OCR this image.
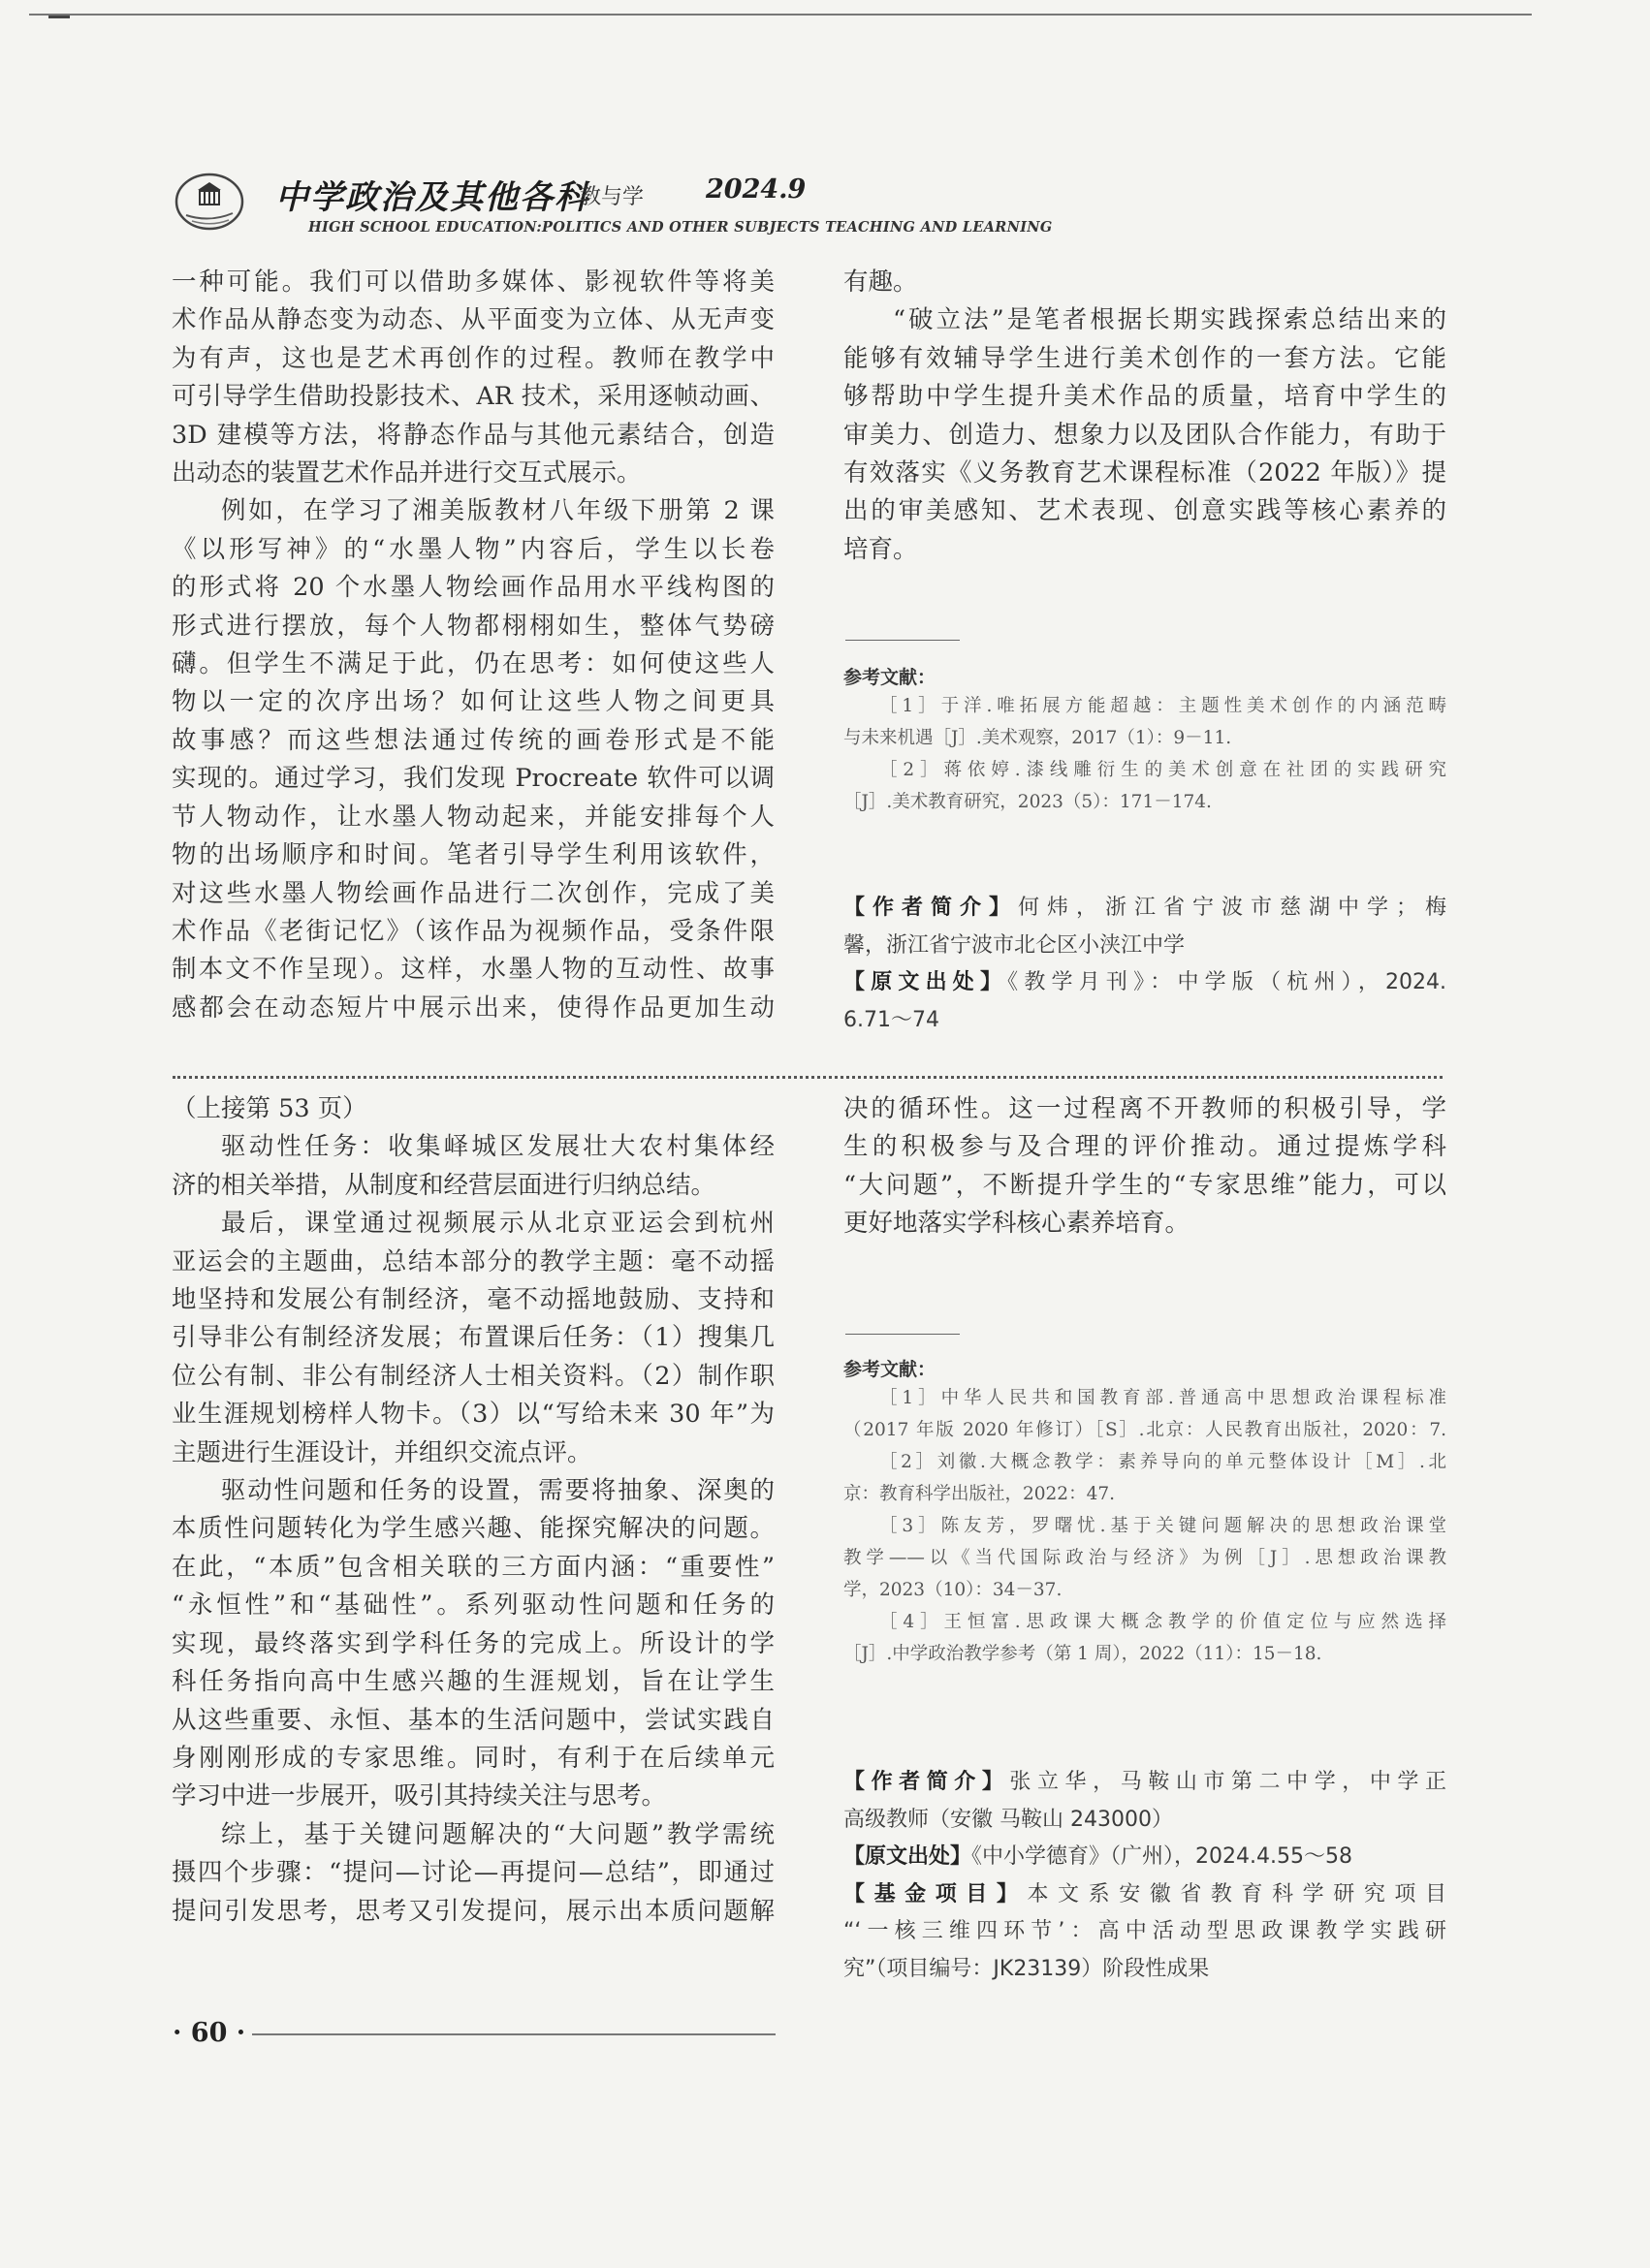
中学政治及其他各科
教与学 2024.9
HIGH SCHOOL EDUCATION:POLITICS AND OTHER SUBJECTS TEACHING AND LEARNING

一种可能。我们可以借助多媒体、影视软件等将美

术作品从静态变为动态、从平面变为立体、从无声变

为有声，这也是艺术再创作的过程。教师在教学中

可引导学生借助投影技术、AR 技术，采用逐帧动画、

3D 建模等方法，将静态作品与其他元素结合，创造

出动态的装置艺术作品并进行交互式展示。

例如，在学习了湘美版教材八年级下册第 2 课

《以形写神》的“水墨人物”内容后，学生以长卷

的形式将 20 个水墨人物绘画作品用水平线构图的

形式进行摆放，每个人物都栩栩如生，整体气势磅

礴。但学生不满足于此，仍在思考：如何使这些人

物以一定的次序出场？如何让这些人物之间更具

故事感？而这些想法通过传统的画卷形式是不能

实现的。通过学习，我们发现 Procreate 软件可以调

节人物动作，让水墨人物动起来，并能安排每个人

物的出场顺序和时间。笔者引导学生利用该软件，

对这些水墨人物绘画作品进行二次创作，完成了美

术作品《老街记忆》（该作品为视频作品，受条件限

制本文不作呈现）。这样，水墨人物的互动性、故事

感都会在动态短片中展示出来，使得作品更加生动

有趣。

“破立法”是笔者根据长期实践探索总结出来的

能够有效辅导学生进行美术创作的一套方法。它能

够帮助中学生提升美术作品的质量，培育中学生的

审美力、创造力、想象力以及团队合作能力，有助于

有效落实《义务教育艺术课程标准（2022 年版）》提

出的审美感知、艺术表现、创意实践等核心素养的

培育。

参考文献：

［1］于洋.唯拓展方能超越：主题性美术创作的内涵范畴

与未来机遇［J］.美术观察，2017（1）：9－11.

［2］蒋依婷.漆线雕衍生的美术创意在社团的实践研究

［J］.美术教育研究，2023（5）：171－174.

【作者简介】何炜，浙江省宁波市慈湖中学；梅

馨，浙江省宁波市北仑区小浃江中学

【原文出处】《教学月刊》：中学版（杭州），2024.

6.71～74

（上接第 53 页）

驱动性任务：收集峄城区发展壮大农村集体经

济的相关举措，从制度和经营层面进行归纳总结。

最后，课堂通过视频展示从北京亚运会到杭州

亚运会的主题曲，总结本部分的教学主题：毫不动摇

地坚持和发展公有制经济，毫不动摇地鼓励、支持和

引导非公有制经济发展；布置课后任务：（1）搜集几

位公有制、非公有制经济人士相关资料。（2）制作职

业生涯规划榜样人物卡。（3）以“写给未来 30 年”为

主题进行生涯设计，并组织交流点评。

驱动性问题和任务的设置，需要将抽象、深奥的

本质性问题转化为学生感兴趣、能探究解决的问题。

在此，“本质”包含相关联的三方面内涵：“重要性”

“永恒性”和“基础性”。系列驱动性问题和任务的

实现，最终落实到学科任务的完成上。所设计的学

科任务指向高中生感兴趣的生涯规划，旨在让学生

从这些重要、永恒、基本的生活问题中，尝试实践自

身刚刚形成的专家思维。同时，有利于在后续单元

学习中进一步展开，吸引其持续关注与思考。

综上，基于关键问题解决的“大问题”教学需统

摄四个步骤：“提问—讨论—再提问—总结”，即通过

提问引发思考，思考又引发提问，展示出本质问题解

决的循环性。这一过程离不开教师的积极引导，学

生的积极参与及合理的评价推动。通过提炼学科

“大问题”，不断提升学生的“专家思维”能力，可以

更好地落实学科核心素养培育。

参考文献：

［1］中华人民共和国教育部.普通高中思想政治课程标准

（2017 年版 2020 年修订）［S］.北京：人民教育出版社，2020：7.

［2］刘徽.大概念教学：素养导向的单元整体设计［M］.北

京：教育科学出版社，2022：47.

［3］陈友芳，罗曙忧.基于关键问题解决的思想政治课堂

教学——以《当代国际政治与经济》为例［J］.思想政治课教

学，2023（10）：34－37.

［4］王恒富.思政课大概念教学的价值定位与应然选择

［J］.中学政治教学参考（第 1 周），2022（11）：15－18.

【作者简介】张立华，马鞍山市第二中学，中学正

高级教师（安徽 马鞍山 243000）

【原文出处】《中小学德育》（广州），2024.4.55～58

【基金项目】本文系安徽省教育科学研究项目

“‘一核三维四环节’：高中活动型思政课教学实践研

究”（项目编号：JK23139）阶段性成果

· 60 ·
